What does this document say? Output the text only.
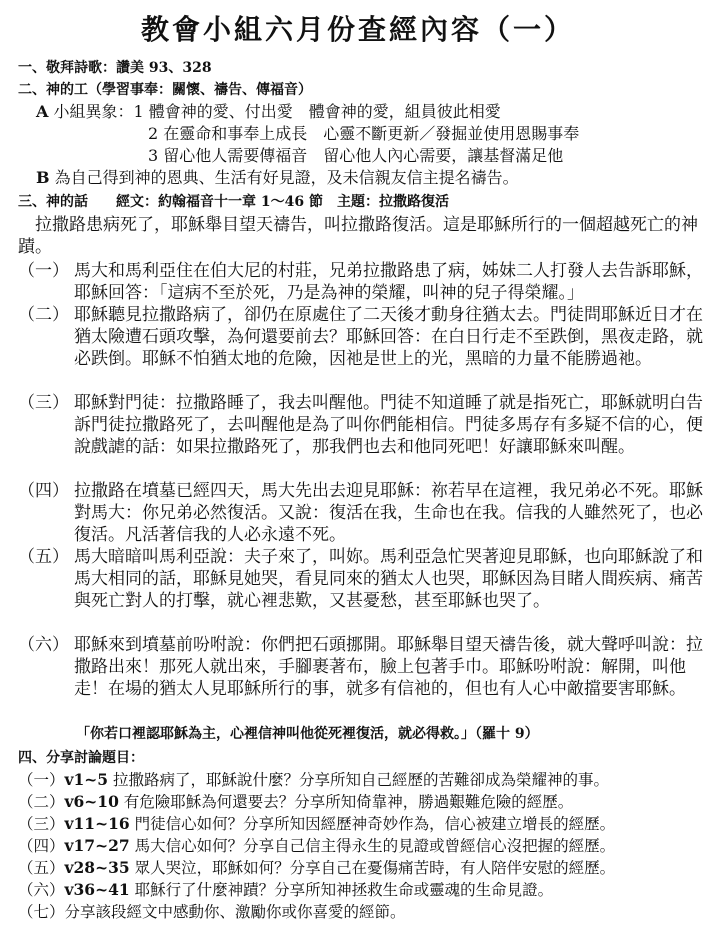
教會小組六月份查經內容（一）
一、敬拜詩歌：讚美 93、328
二、神的工（學習事奉：關懷、禱告、傳福音）
A 小組異象：1 體會神的愛、付出愛　體會神的愛，組員彼此相愛
2 在靈命和事奉上成長　心靈不斷更新／發掘並使用恩賜事奉
3 留心他人需要傳福音　留心他人內心需要，讓基督滿足他
B 為自己得到神的恩典、生活有好見證，及未信親友信主提名禱告。
三、神的話　　經文：約翰福音十一章 1～46 節　主題：拉撒路復活
　拉撒路患病死了，耶穌舉目望天禱告，叫拉撒路復活。這是耶穌所行的一個超越死亡的神蹟。
（一） 馬大和馬利亞住在伯大尼的村莊，兄弟拉撒路患了病，姊妹二人打發人去告訴耶穌，耶穌回答：「這病不至於死，乃是為神的榮耀，叫神的兒子得榮耀。」
（二） 耶穌聽見拉撒路病了，卻仍在原處住了二天後才動身往猶太去。門徒問耶穌近日才在猶太險遭石頭攻擊，為何還要前去？耶穌回答：在白日行走不至跌倒，黑夜走路，就必跌倒。耶穌不怕猶太地的危險，因祂是世上的光，黑暗的力量不能勝過祂。
（三） 耶穌對門徒：拉撒路睡了，我去叫醒他。門徒不知道睡了就是指死亡，耶穌就明白告訴門徒拉撒路死了，去叫醒他是為了叫你們能相信。門徒多馬存有多疑不信的心，便說戲謔的話：如果拉撒路死了，那我們也去和他同死吧！好讓耶穌來叫醒。
（四） 拉撒路在墳墓已經四天，馬大先出去迎見耶穌：祢若早在這裡，我兄弟必不死。耶穌對馬大：你兄弟必然復活。又說：復活在我，生命也在我。信我的人雖然死了，也必復活。凡活著信我的人必永遠不死。
（五） 馬大暗暗叫馬利亞說：夫子來了，叫妳。馬利亞急忙哭著迎見耶穌，也向耶穌說了和馬大相同的話，耶穌見她哭，看見同來的猶太人也哭，耶穌因為目睹人間疾病、痛苦與死亡對人的打擊，就心裡悲歎，又甚憂愁，甚至耶穌也哭了。
（六） 耶穌來到墳墓前吩咐說：你們把石頭挪開。耶穌舉目望天禱告後，就大聲呼叫說：拉撒路出來！那死人就出來，手腳裹著布，臉上包著手巾。耶穌吩咐說：解開，叫他走！在場的猶太人見耶穌所行的事，就多有信祂的，但也有人心中敵擋要害耶穌。
「你若口裡認耶穌為主，心裡信神叫他從死裡復活，就必得救。」（羅十 9）
四、分享討論題目：
（一）v1~5 拉撒路病了，耶穌說什麼？分享所知自己經歷的苦難卻成為榮耀神的事。
（二）v6~10 有危險耶穌為何還要去？分享所知倚靠神，勝過艱難危險的經歷。
（三）v11~16 門徒信心如何？分享所知因經歷神奇妙作為，信心被建立增長的經歷。
（四）v17~27 馬大信心如何？分享自己信主得永生的見證或曾經信心沒把握的經歷。
（五）v28~35 眾人哭泣，耶穌如何？分享自己在憂傷痛苦時，有人陪伴安慰的經歷。
（六）v36~41 耶穌行了什麼神蹟？分享所知神拯救生命或靈魂的生命見證。
（七）分享該段經文中感動你、激勵你或你喜愛的經節。
